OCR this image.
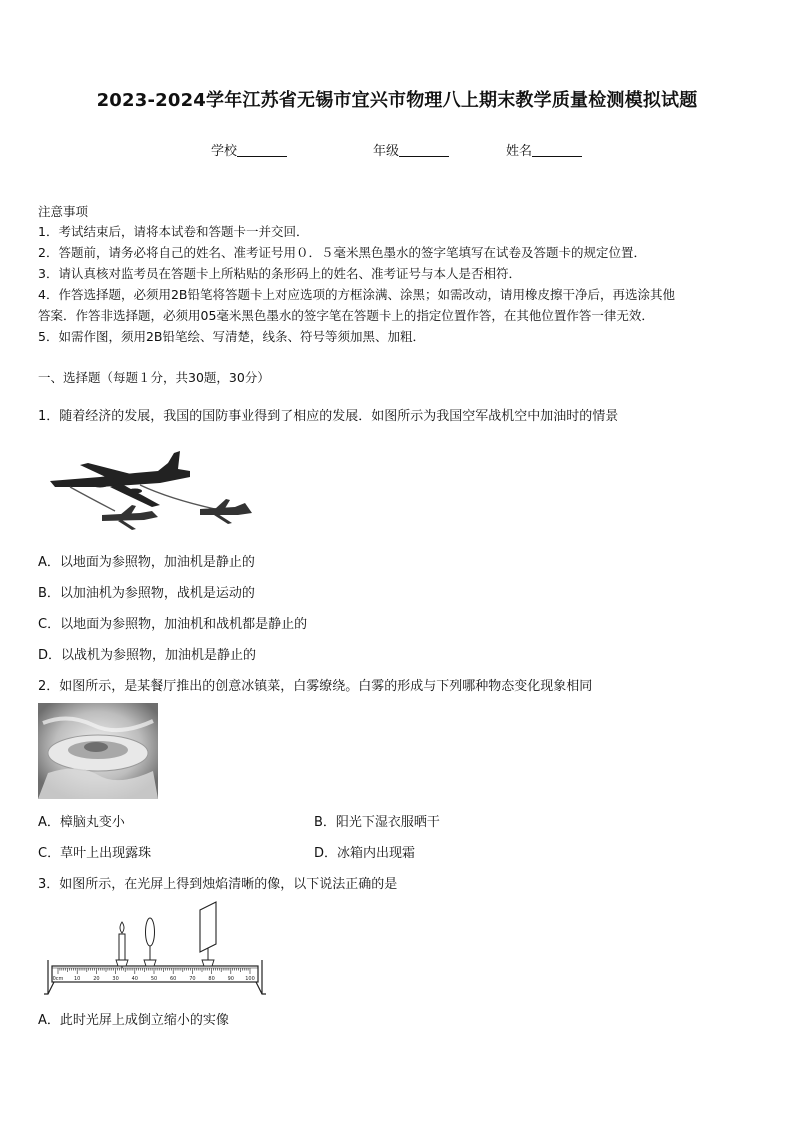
2023-2024学年江苏省无锡市宜兴市物理八上期末教学质量检测模拟试题
学校	年级	姓名
注意事项
1．考试结束后，请将本试卷和答题卡一并交回．
2．答题前，请务必将自己的姓名、准考证号用０．５毫米黑色墨水的签字笔填写在试卷及答题卡的规定位置．
3．请认真核对监考员在答题卡上所粘贴的条形码上的姓名、准考证号与本人是否相符．
4．作答选择题，必须用2B铅笔将答题卡上对应选项的方框涂满、涂黑；如需改动，请用橡皮擦干净后，再选涂其他
答案．作答非选择题，必须用05毫米黑色墨水的签字笔在答题卡上的指定位置作答，在其他位置作答一律无效．
5．如需作图，须用2B铅笔绘、写清楚，线条、符号等须加黑、加粗．
一、选择题（每题１分，共30题，30分）
1．随着经济的发展，我国的国防事业得到了相应的发展．如图所示为我国空军战机空中加油时的情景
A．以地面为参照物，加油机是静止的
B．以加油机为参照物，战机是运动的
C．以地面为参照物，加油机和战机都是静止的
D．以战机为参照物，加油机是静止的
2．如图所示，是某餐厅推出的创意冰镇菜，白雾缭绕。白雾的形成与下列哪种物态变化现象相同
A．樟脑丸变小	B．阳光下湿衣服晒干
C．草叶上出现露珠	D．冰箱内出现霜
3．如图所示，在光屏上得到烛焰清晰的像，以下说法正确的是
0cm 10	20	30	40	50	60	70	80	90 100
A．此时光屏上成倒立缩小的实像
